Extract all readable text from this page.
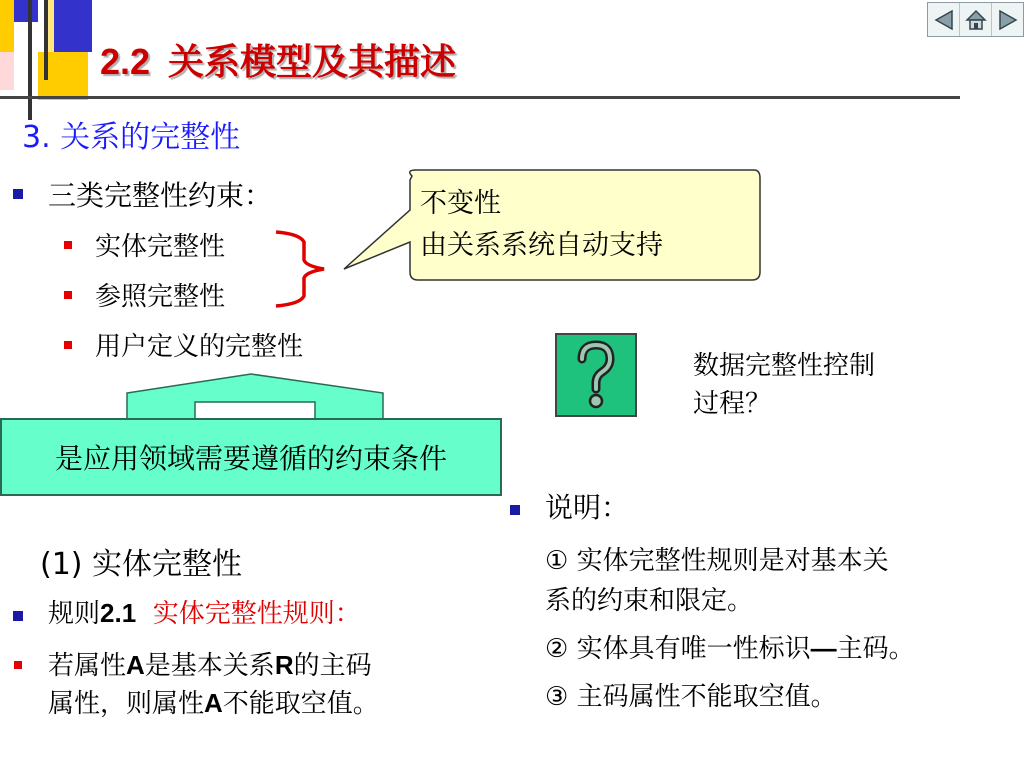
2.2 关系模型及其描述
3. 关系的完整性
三类完整性约束：
实体完整性
参照完整性
用户定义的完整性
不变性
由关系系统自动支持
数据完整性控制
过程？
是应用领域需要遵循的约束条件
(1) 实体完整性
规则2.1 实体完整性规则：
若属性A是基本关系R的主码
属性，则属性A不能取空值。
说明：
① 实体完整性规则是对基本关
系的约束和限定。
② 实体具有唯一性标识—主码。
③ 主码属性不能取空值。
